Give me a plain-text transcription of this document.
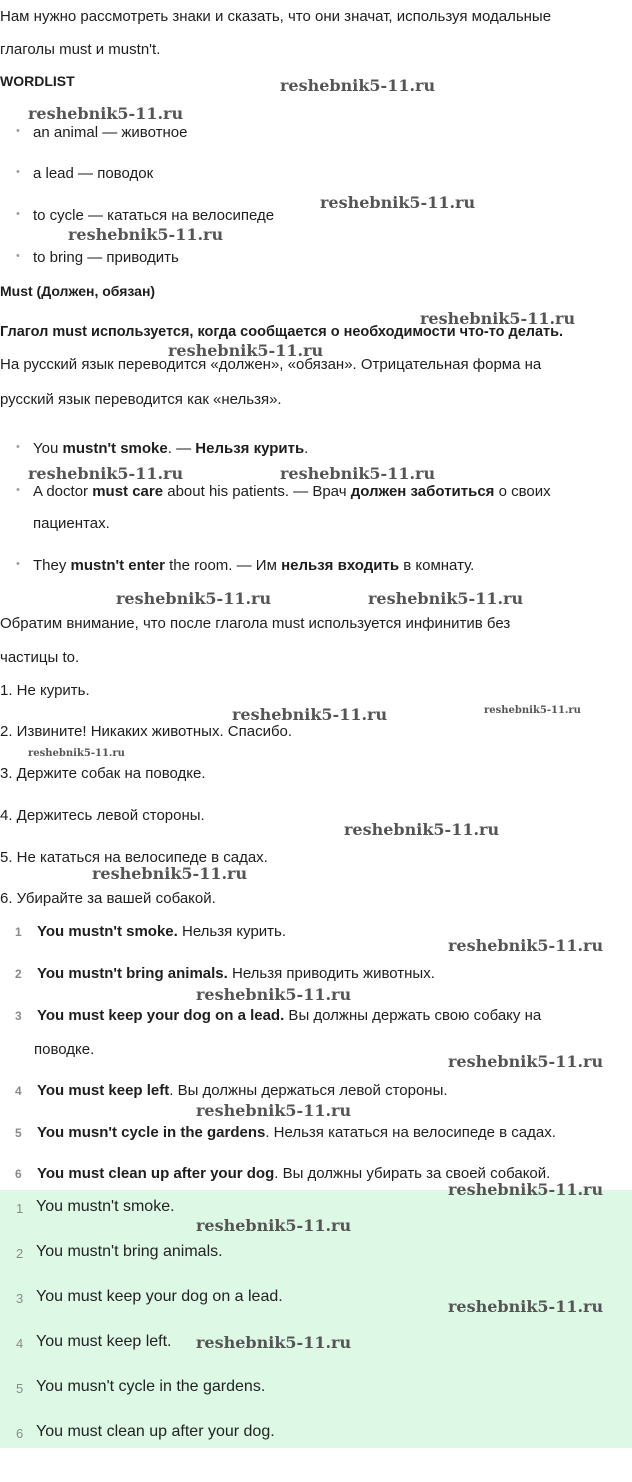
Нам нужно рассмотреть знаки и сказать, что они значат, используя модальные
глаголы must и mustn't.
WORDLIST
• an animal — животное
• a lead — поводок
• to cycle — кататься на велосипеде
• to bring — приводить
Must (Должен, обязан)
Глагол must используется, когда сообщается о необходимости что-то делать.
На русский язык переводится «должен», «обязан». Отрицательная форма на
русский язык переводится как «нельзя».
• You mustn't smoke. — Нельзя курить.
• A doctor must care about his patients. — Врач должен заботиться о своих
пациентах.
• They mustn't enter the room. — Им нельзя входить в комнату.
Обратим внимание, что после глагола must используется инфинитив без
частицы to.
1. Не курить.
2. Извините! Никаких животных. Спасибо.
3. Держите собак на поводке.
4. Держитесь левой стороны.
5. Не кататься на велосипеде в садах.
6. Убирайте за вашей собакой.
1 You mustn't smoke. Нельзя курить.
2 You mustn't bring animals. Нельзя приводить животных.
3 You must keep your dog on a lead. Вы должны держать свою собаку на
поводке.
4 You must keep left. Вы должны держаться левой стороны.
5 You musn't cycle in the gardens. Нельзя кататься на велосипеде в садах.
6 You must clean up after your dog. Вы должны убирать за своей собакой.
1 You mustn't smoke.
2 You mustn't bring animals.
3 You must keep your dog on a lead.
4 You must keep left.
5 You musn't cycle in the gardens.
6 You must clean up after your dog.
reshebnik5-11.ru
reshebnik5-11.ru
reshebnik5-11.ru
reshebnik5-11.ru
reshebnik5-11.ru
reshebnik5-11.ru
reshebnik5-11.ru	reshebnik5-11.ru
reshebnik5-11.ru	reshebnik5-11.ru
reshebnik5-11.ru	reshebnik5-11.ru
reshebnik5-11.ru
reshebnik5-11.ru
reshebnik5-11.ru
reshebnik5-11.ru
reshebnik5-11.ru
reshebnik5-11.ru
reshebnik5-11.ru
reshebnik5-11.ru
reshebnik5-11.ru
reshebnik5-11.ru
reshebnik5-11.ru
